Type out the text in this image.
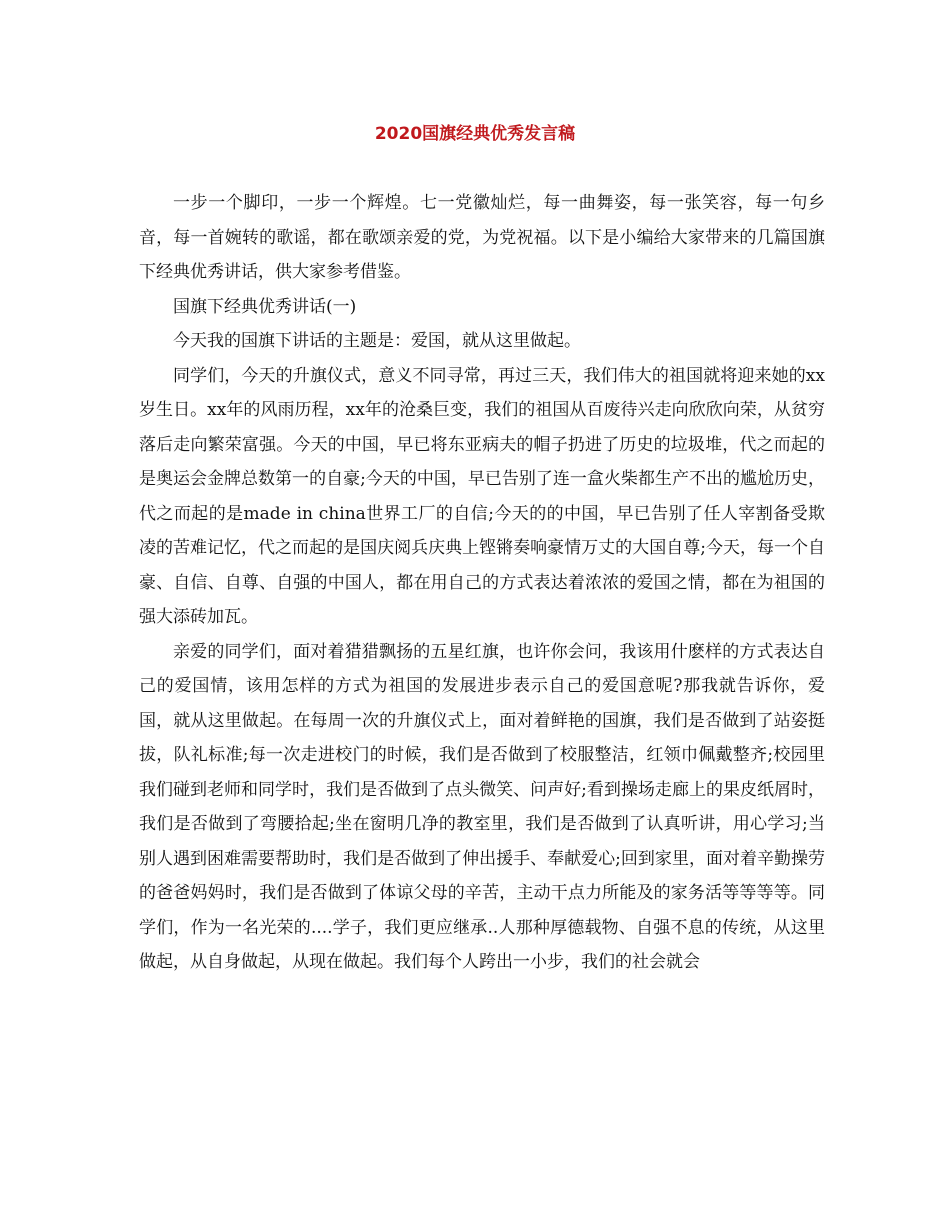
2020国旗经典优秀发言稿

一步一个脚印，一步一个辉煌。七一党徽灿烂，每一曲舞姿，每一张笑容，每一句乡音，每一首婉转的歌谣，都在歌颂亲爱的党，为党祝福。以下是小编给大家带来的几篇国旗下经典优秀讲话，供大家参考借鉴。

国旗下经典优秀讲话(一)

今天我的国旗下讲话的主题是：爱国，就从这里做起。

同学们，今天的升旗仪式，意义不同寻常，再过三天，我们伟大的祖国就将迎来她的xx岁生日。xx年的风雨历程，xx年的沧桑巨变，我们的祖国从百废待兴走向欣欣向荣，从贫穷落后走向繁荣富强。今天的中国，早已将东亚病夫的帽子扔进了历史的垃圾堆，代之而起的是奥运会金牌总数第一的自豪;今天的中国，早已告别了连一盒火柴都生产不出的尴尬历史，代之而起的是made in china世界工厂的自信;今天的的中国，早已告别了任人宰割备受欺凌的苦难记忆，代之而起的是国庆阅兵庆典上铿锵奏响豪情万丈的大国自尊;今天，每一个自豪、自信、自尊、自强的中国人，都在用自己的方式表达着浓浓的爱国之情，都在为祖国的强大添砖加瓦。

亲爱的同学们，面对着猎猎飘扬的五星红旗，也许你会问，我该用什麽样的方式表达自己的爱国情，该用怎样的方式为祖国的发展进步表示自己的爱国意呢?那我就告诉你，爱国，就从这里做起。在每周一次的升旗仪式上，面对着鲜艳的国旗，我们是否做到了站姿挺拔，队礼标准;每一次走进校门的时候，我们是否做到了校服整洁，红领巾佩戴整齐;校园里我们碰到老师和同学时，我们是否做到了点头微笑、问声好;看到操场走廊上的果皮纸屑时，我们是否做到了弯腰拾起;坐在窗明几净的教室里，我们是否做到了认真听讲，用心学习;当别人遇到困难需要帮助时，我们是否做到了伸出援手、奉献爱心;回到家里，面对着辛勤操劳的爸爸妈妈时，我们是否做到了体谅父母的辛苦，主动干点力所能及的家务活等等等等。同学们，作为一名光荣的....学子，我们更应继承..人那种厚德载物、自强不息的传统，从这里做起，从自身做起，从现在做起。我们每个人跨出一小步，我们的社会就会
